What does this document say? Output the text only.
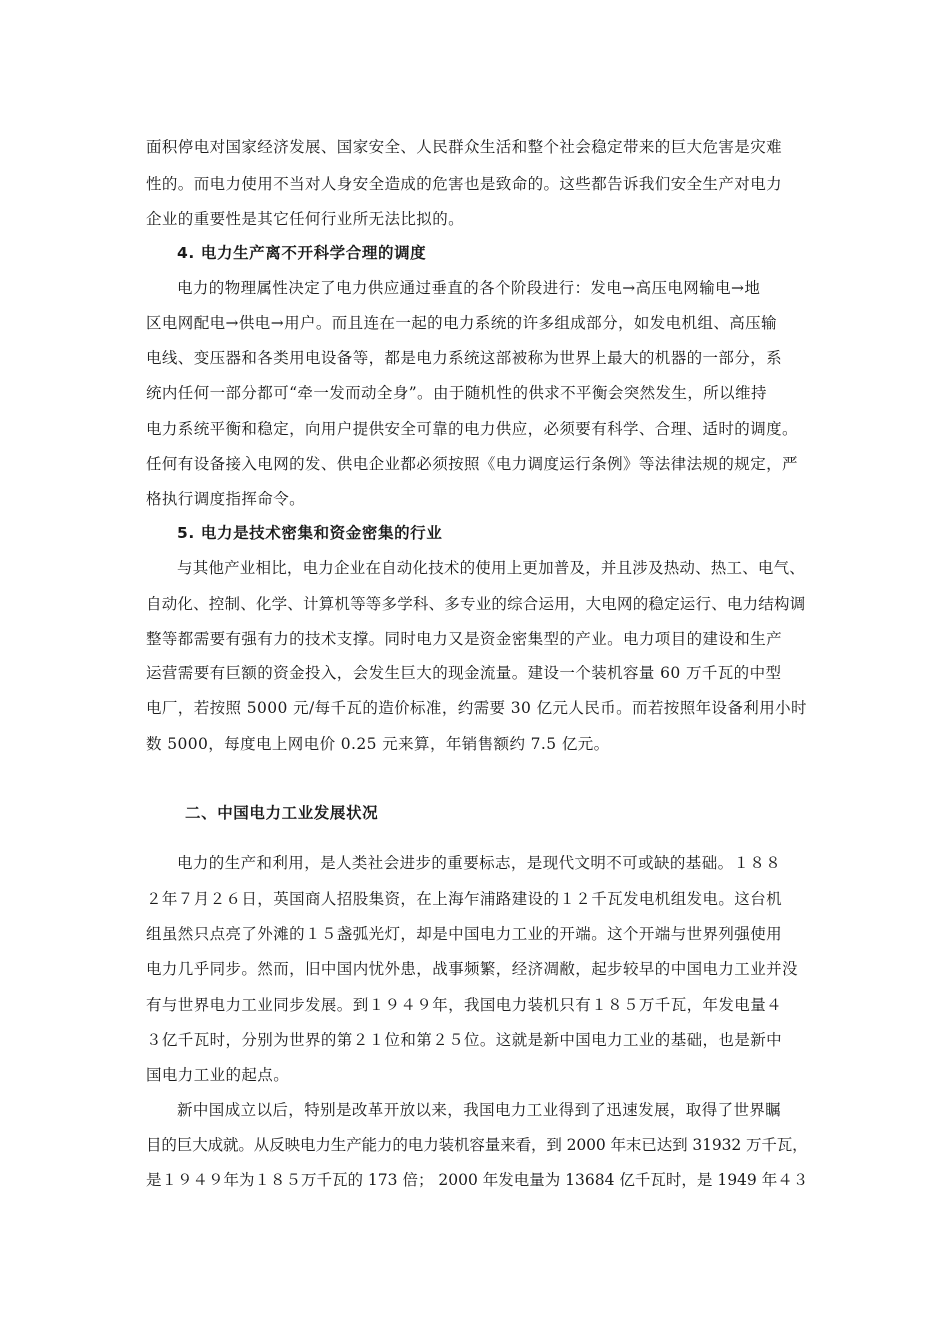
面积停电对国家经济发展、国家安全、人民群众生活和整个社会稳定带来的巨大危害是灾难
性的。而电力使用不当对人身安全造成的危害也是致命的。这些都告诉我们安全生产对电力
企业的重要性是其它任何行业所无法比拟的。
4. 电力生产离不开科学合理的调度
电力的物理属性决定了电力供应通过垂直的各个阶段进行：发电→高压电网输电→地
区电网配电→供电→用户。而且连在一起的电力系统的许多组成部分，如发电机组、高压输
电线、变压器和各类用电设备等，都是电力系统这部被称为世界上最大的机器的一部分，系
统内任何一部分都可“牵一发而动全身”。由于随机性的供求不平衡会突然发生，所以维持
电力系统平衡和稳定，向用户提供安全可靠的电力供应，必须要有科学、合理、适时的调度。
任何有设备接入电网的发、供电企业都必须按照《电力调度运行条例》等法律法规的规定，严
格执行调度指挥命令。
5. 电力是技术密集和资金密集的行业
与其他产业相比，电力企业在自动化技术的使用上更加普及，并且涉及热动、热工、电气、
自动化、控制、化学、计算机等等多学科、多专业的综合运用，大电网的稳定运行、电力结构调
整等都需要有强有力的技术支撑。同时电力又是资金密集型的产业。电力项目的建设和生产
运营需要有巨额的资金投入，会发生巨大的现金流量。建设一个装机容量 60 万千瓦的中型
电厂，若按照 5000 元/每千瓦的造价标准，约需要 30 亿元人民币。而若按照年设备利用小时
数 5000，每度电上网电价 0.25 元来算，年销售额约 7.5 亿元。
二、中国电力工业发展状况
电力的生产和利用，是人类社会进步的重要标志，是现代文明不可或缺的基础。１８８
２年７月２６日，英国商人招股集资，在上海乍浦路建设的１２千瓦发电机组发电。这台机
组虽然只点亮了外滩的１５盏弧光灯，却是中国电力工业的开端。这个开端与世界列强使用
电力几乎同步。然而，旧中国内忧外患，战事频繁，经济凋敝，起步较早的中国电力工业并没
有与世界电力工业同步发展。到１９４９年，我国电力装机只有１８５万千瓦，年发电量４
３亿千瓦时，分别为世界的第２１位和第２５位。这就是新中国电力工业的基础，也是新中
国电力工业的起点。
新中国成立以后，特别是改革开放以来，我国电力工业得到了迅速发展，取得了世界瞩
目的巨大成就。从反映电力生产能力的电力装机容量来看，到 2000 年末已达到 31932 万千瓦，
是１９４９年为１８５万千瓦的 173 倍； 2000 年发电量为 13684 亿千瓦时，是 1949 年４３
